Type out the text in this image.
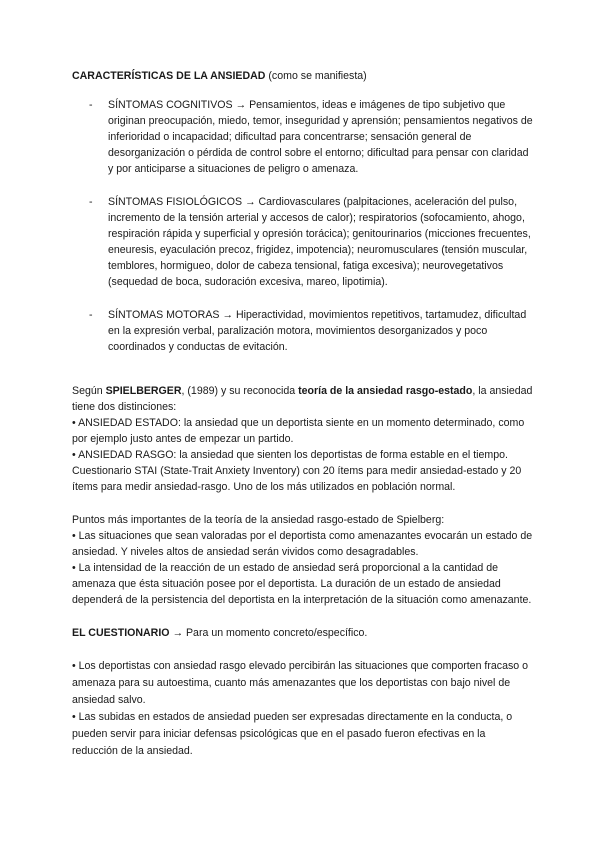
CARACTERÍSTICAS DE LA ANSIEDAD (como se manifiesta)

- SÍNTOMAS COGNITIVOS → Pensamientos, ideas e imágenes de tipo subjetivo que originan preocupación, miedo, temor, inseguridad y aprensión; pensamientos negativos de inferioridad o incapacidad; dificultad para concentrarse; sensación general de desorganización o pérdida de control sobre el entorno; dificultad para pensar con claridad y por anticiparse a situaciones de peligro o amenaza.
- SÍNTOMAS FISIOLÓGICOS → Cardiovasculares (palpitaciones, aceleración del pulso, incremento de la tensión arterial y accesos de calor); respiratorios (sofocamiento, ahogo, respiración rápida y superficial y opresión torácica); genitourinarios (micciones frecuentes, eneuresis, eyaculación precoz, frigidez, impotencia); neuromusculares (tensión muscular, temblores, hormigueo, dolor de cabeza tensional, fatiga excesiva); neurovegetativos (sequedad de boca, sudoración excesiva, mareo, lipotimia).
- SÍNTOMAS MOTORAS → Hiperactividad, movimientos repetitivos, tartamudez, dificultad en la expresión verbal, paralización motora, movimientos desorganizados y poco coordinados y conductas de evitación.

Según SPIELBERGER, (1989) y su reconocida teoría de la ansiedad rasgo-estado, la ansiedad tiene dos distinciones:

• ANSIEDAD ESTADO: la ansiedad que un deportista siente en un momento determinado, como por ejemplo justo antes de empezar un partido.

• ANSIEDAD RASGO: la ansiedad que sienten los deportistas de forma estable en el tiempo.

Cuestionario STAI (State-Trait Anxiety Inventory) con 20 ítems para medir ansiedad-estado y 20 ítems para medir ansiedad-rasgo. Uno de los más utilizados en población normal.

Puntos más importantes de la teoría de la ansiedad rasgo-estado de Spielberg:

• Las situaciones que sean valoradas por el deportista como amenazantes evocarán un estado de ansiedad. Y niveles altos de ansiedad serán vividos como desagradables.

• La intensidad de la reacción de un estado de ansiedad será proporcional a la cantidad de amenaza que ésta situación posee por el deportista. La duración de un estado de ansiedad dependerá de la persistencia del deportista en la interpretación de la situación como amenazante.

EL CUESTIONARIO → Para un momento concreto/específico.

• Los deportistas con ansiedad rasgo elevado percibirán las situaciones que comporten fracaso o amenaza para su autoestima, cuanto más amenazantes que los deportistas con bajo nivel de ansiedad salvo.

• Las subidas en estados de ansiedad pueden ser expresadas directamente en la conducta, o pueden servir para iniciar defensas psicológicas que en el pasado fueron efectivas en la reducción de la ansiedad.
